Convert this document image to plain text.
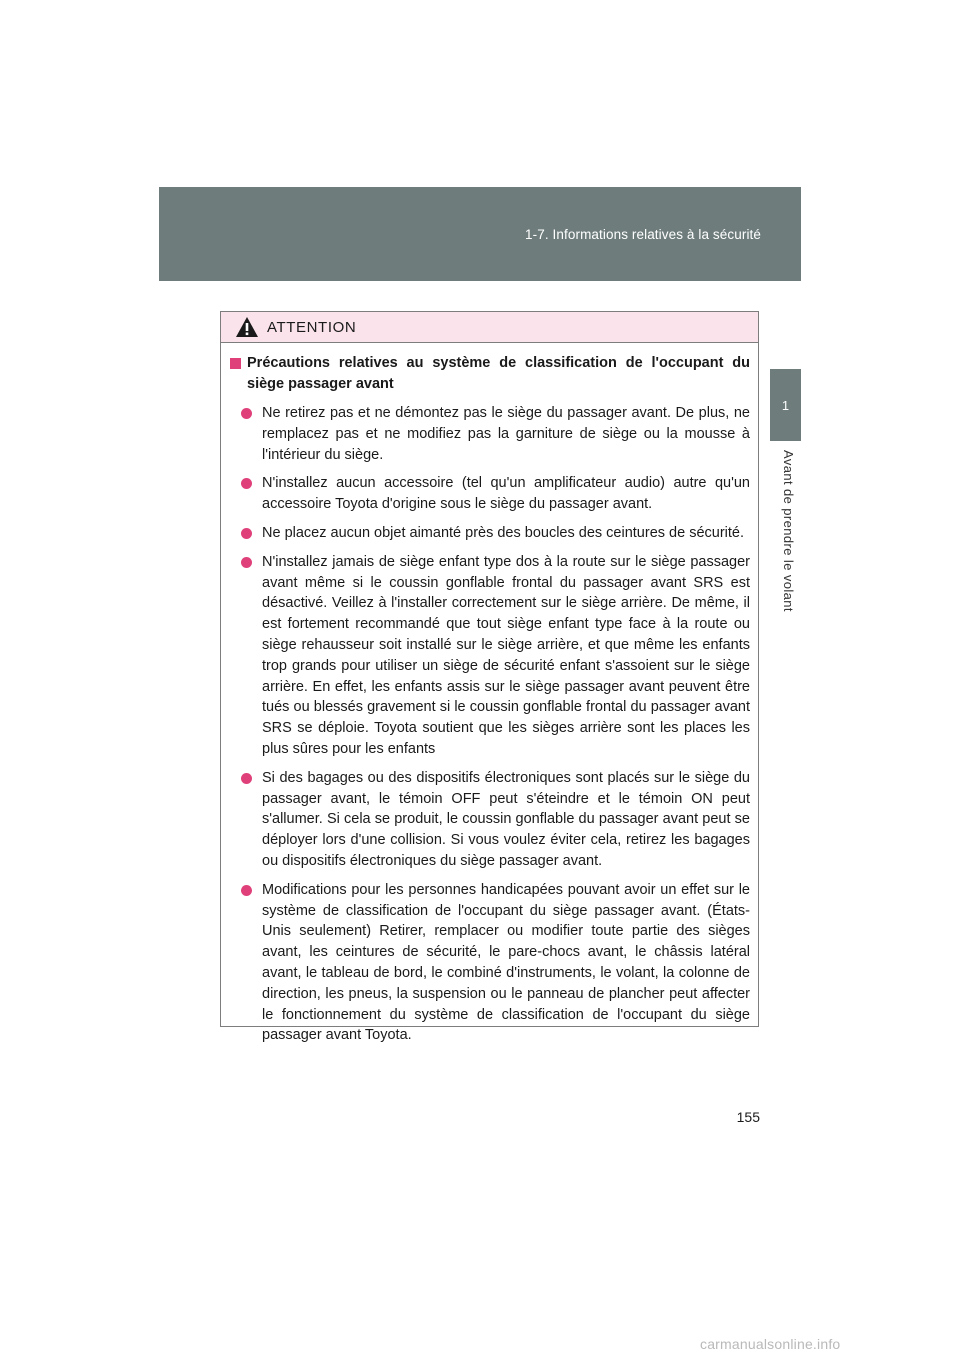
1-7. Informations relatives à la sécurité
1
Avant de prendre le volant
ATTENTION
Précautions relatives au système de classification de l'occupant du siège passager avant
Ne retirez pas et ne démontez pas le siège du passager avant. De plus, ne remplacez pas et ne modifiez pas la garniture de siège ou la mousse à l'intérieur du siège.
N'installez aucun accessoire (tel qu'un amplificateur audio) autre qu'un accessoire Toyota d'origine sous le siège du passager avant.
Ne placez aucun objet aimanté près des boucles des ceintures de sécurité.
N'installez jamais de siège enfant type dos à la route sur le siège passager avant même si le coussin gonflable frontal du passager avant SRS est désactivé. Veillez à l'installer correctement sur le siège arrière. De même, il est fortement recommandé que tout siège enfant type face à la route ou siège rehausseur soit installé sur le siège arrière, et que même les enfants trop grands pour utiliser un siège de sécurité enfant s'assoient sur le siège arrière. En effet, les enfants assis sur le siège passager avant peuvent être tués ou blessés gravement si le coussin gonflable frontal du passager avant SRS se déploie. Toyota soutient que les sièges arrière sont les places les plus sûres pour les enfants
Si des bagages ou des dispositifs électroniques sont placés sur le siège du passager avant, le témoin OFF peut s'éteindre et le témoin ON peut s'allumer. Si cela se produit, le coussin gonflable du passager avant peut se déployer lors d'une collision. Si vous voulez éviter cela, retirez les bagages ou dispositifs électroniques du siège passager avant.
Modifications pour les personnes handicapées pouvant avoir un effet sur le système de classification de l'occupant du siège passager avant. (États-Unis seulement) Retirer, remplacer ou modifier toute partie des sièges avant, les ceintures de sécurité, le pare-chocs avant, le châssis latéral avant, le tableau de bord, le combiné d'instruments, le volant, la colonne de direction, les pneus, la suspension ou le panneau de plancher peut affecter le fonctionnement du système de classification de l'occupant du siège passager avant Toyota.
155
carmanualsonline.info
